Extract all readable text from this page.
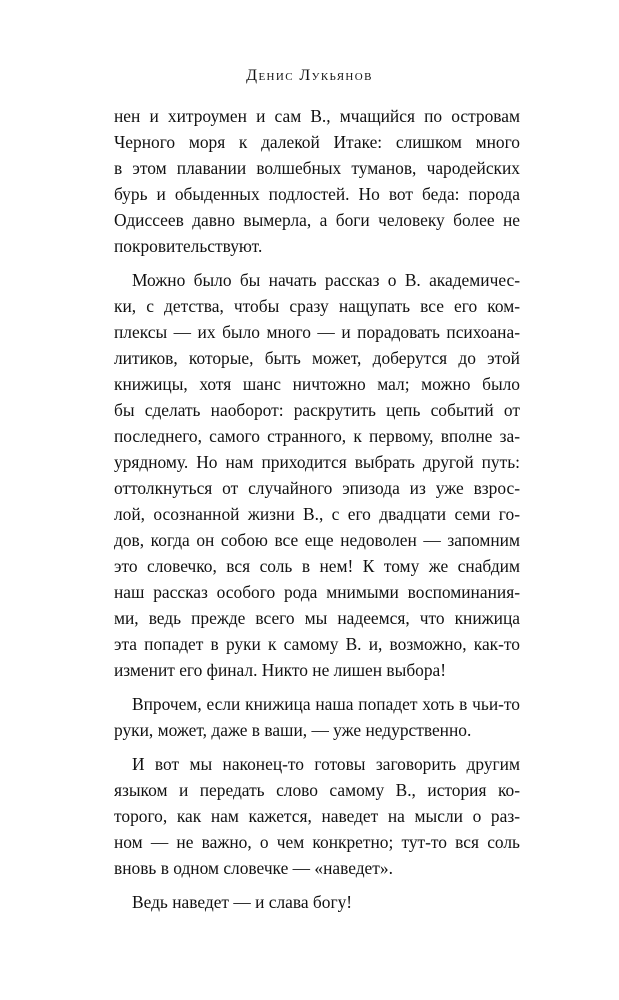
Денис Лукьянов
нен и хитроумен и сам В., мчащийся по островам
Черного моря к далекой Итаке: слишком много
в этом плавании волшебных туманов, чародейских
бурь и обыденных подлостей. Но вот беда: порода
Одиссеев давно вымерла, а боги человеку более не
покровительствуют.
Можно было бы начать рассказ о В. академичес-
ки, с детства, чтобы сразу нащупать все его ком-
плексы — их было много — и порадовать психоана-
литиков, которые, быть может, доберутся до этой
книжицы, хотя шанс ничтожно мал; можно было
бы сделать наоборот: раскрутить цепь событий от
последнего, самого странного, к первому, вполне за-
урядному. Но нам приходится выбрать другой путь:
оттолкнуться от случайного эпизода из уже взрос-
лой, осознанной жизни В., с его двадцати семи го-
дов, когда он собою все еще недоволен — запомним
это словечко, вся соль в нем! К тому же снабдим
наш рассказ особого рода мнимыми воспоминания-
ми, ведь прежде всего мы надеемся, что книжица
эта попадет в руки к самому В. и, возможно, как-то
изменит его финал. Никто не лишен выбора!
Впрочем, если книжица наша попадет хоть в чьи-то
руки, может, даже в ваши, — уже недурственно.
И вот мы наконец-то готовы заговорить другим
языком и передать слово самому В., история ко-
торого, как нам кажется, наведет на мысли о раз-
ном — не важно, о чем конкретно; тут-то вся соль
вновь в одном словечке — «наведет».
Ведь наведет — и слава богу!
